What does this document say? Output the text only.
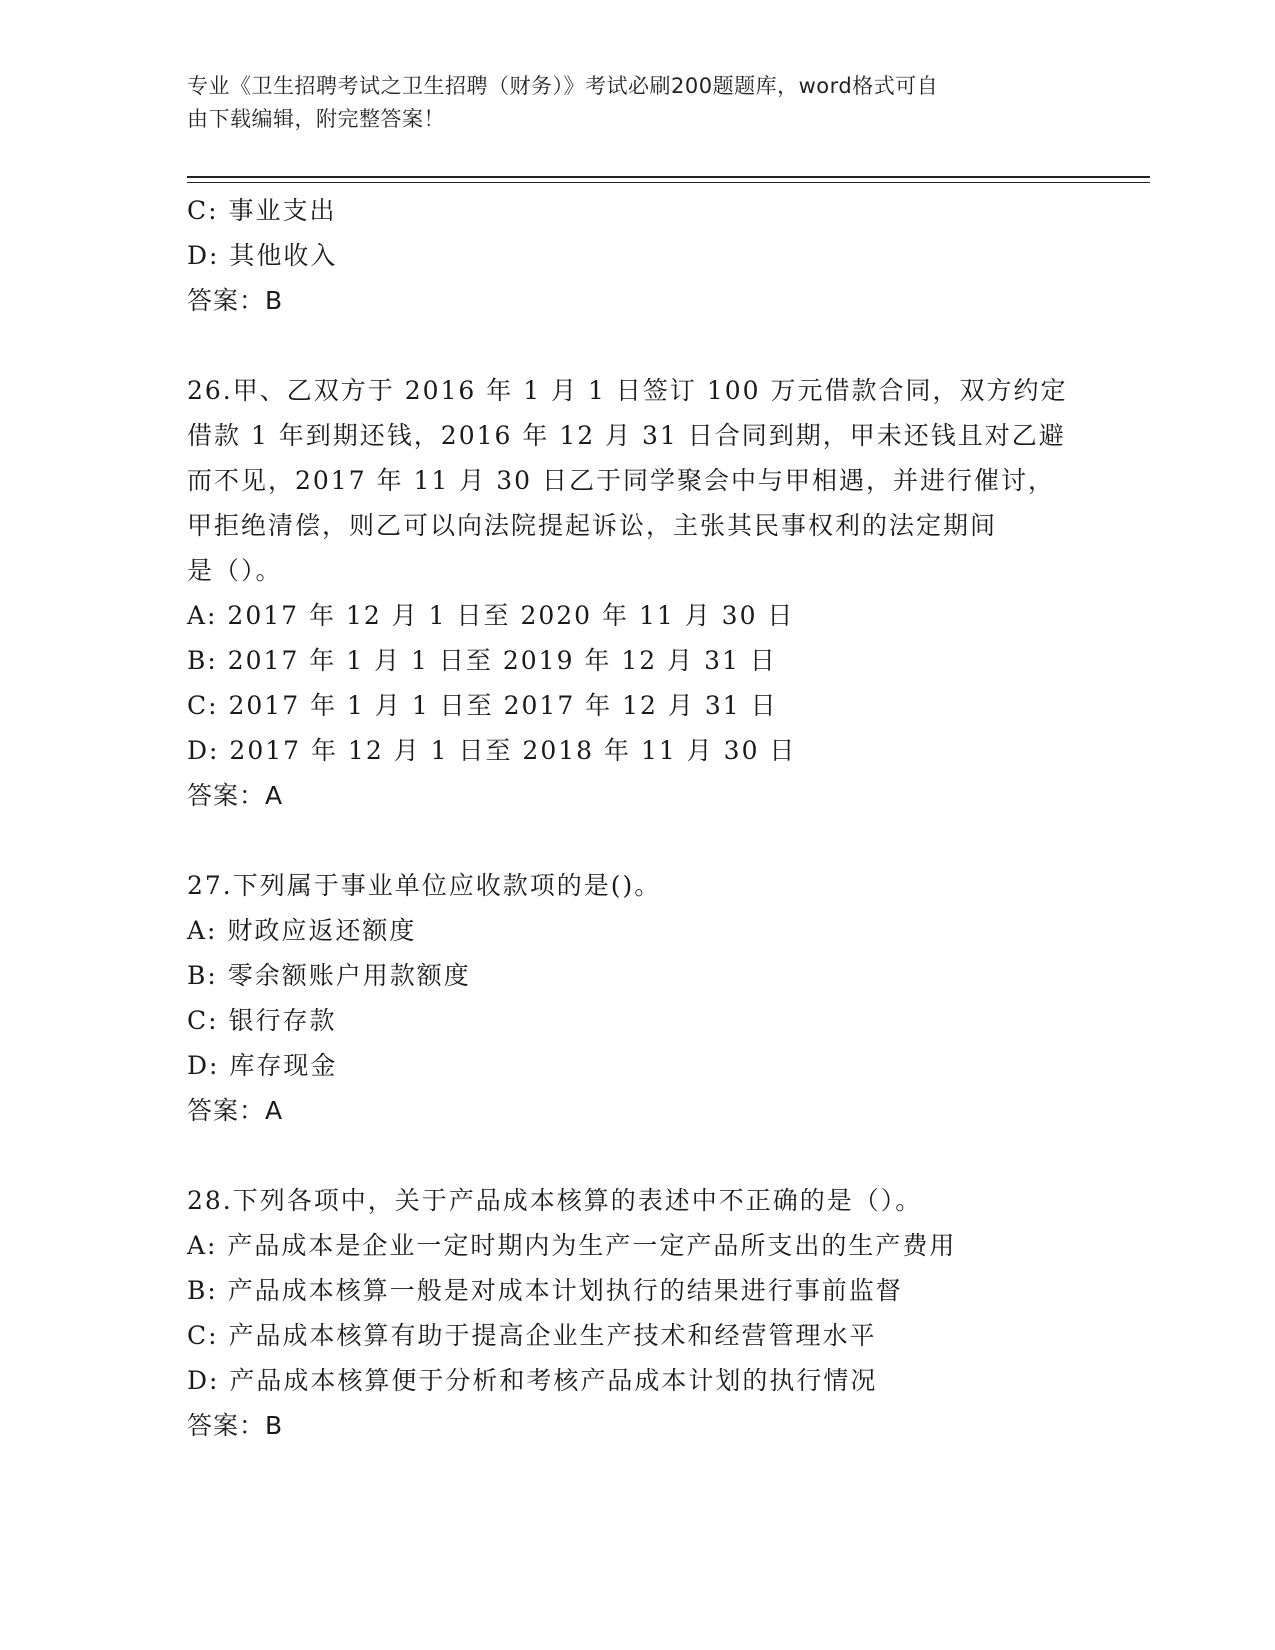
专业《卫生招聘考试之卫生招聘（财务）》考试必刷200题题库，word格式可自
由下载编辑，附完整答案！
C: 事业支出
D: 其他收入
答案：B
26.甲、乙双方于 2016 年 1 月 1 日签订 100 万元借款合同，双方约定
借款 1 年到期还钱，2016 年 12 月 31 日合同到期，甲未还钱且对乙避
而不见，2017 年 11 月 30 日乙于同学聚会中与甲相遇，并进行催讨，
甲拒绝清偿，则乙可以向法院提起诉讼，主张其民事权利的法定期间
是（）。
A: 2017 年 12 月 1 日至 2020 年 11 月 30 日
B: 2017 年 1 月 1 日至 2019 年 12 月 31 日
C: 2017 年 1 月 1 日至 2017 年 12 月 31 日
D: 2017 年 12 月 1 日至 2018 年 11 月 30 日
答案：A
27.下列属于事业单位应收款项的是()。
A: 财政应返还额度
B: 零余额账户用款额度
C: 银行存款
D: 库存现金
答案：A
28.下列各项中，关于产品成本核算的表述中不正确的是（）。
A: 产品成本是企业一定时期内为生产一定产品所支出的生产费用
B: 产品成本核算一般是对成本计划执行的结果进行事前监督
C: 产品成本核算有助于提高企业生产技术和经营管理水平
D: 产品成本核算便于分析和考核产品成本计划的执行情况
答案：B
